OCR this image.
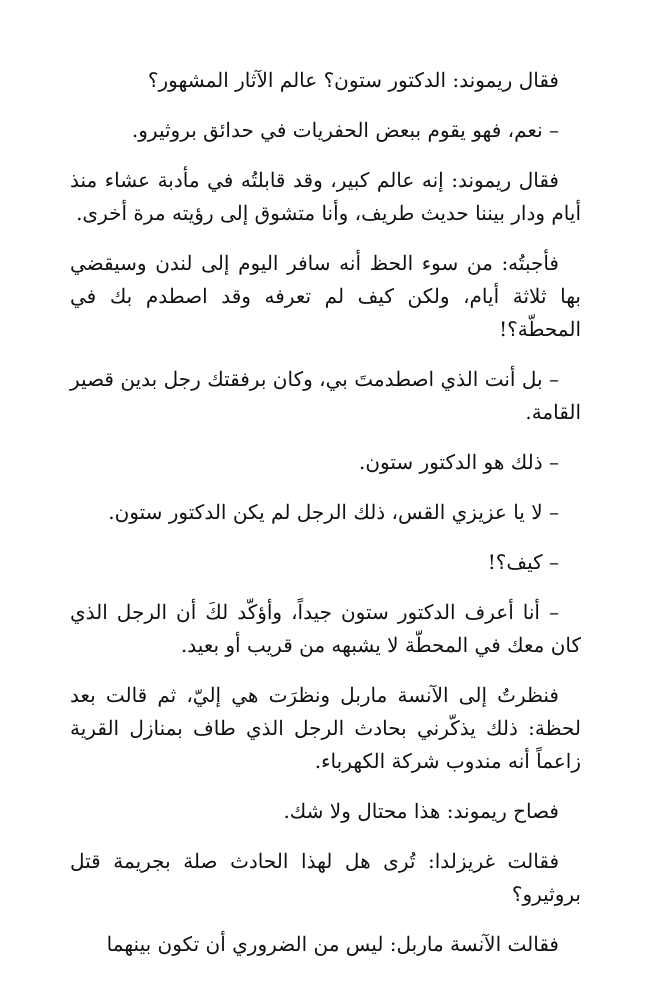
فقال ريموند: الدكتور ستون؟ عالم الآثار المشهور؟

– نعم، فهو يقوم ببعض الحفريات في حدائق بروثيرو.

فقال ريموند: إنه عالم كبير، وقد قابلتُه في مأدبة عشاء منذ أيام ودار بيننا حديث طريف، وأنا متشوق إلى رؤيته مرة أخرى.

فأجبتُه: من سوء الحظ أنه سافر اليوم إلى لندن وسيقضي بها ثلاثة أيام، ولكن كيف لم تعرفه وقد اصطدم بك في المحطّة؟!

– بل أنت الذي اصطدمتَ بي، وكان برفقتك رجل بدين قصير القامة.

– ذلك هو الدكتور ستون.

– لا يا عزيزي القس، ذلك الرجل لم يكن الدكتور ستون.

– كيف؟!

– أنا أعرف الدكتور ستون جيداً، وأؤكّد لكَ أن الرجل الذي كان معك في المحطّة لا يشبهه من قريب أو بعيد.

فنظرتُ إلى الآنسة ماربل ونظرَت هي إليّ، ثم قالت بعد لحظة: ذلك يذكّرني بحادث الرجل الذي طاف بمنازل القرية زاعماً أنه مندوب شركة الكهرباء.

فصاح ريموند: هذا محتال ولا شك.

فقالت غريزلدا: تُرى هل لهذا الحادث صلة بجريمة قتل بروثيرو؟

فقالت الآنسة ماربل: ليس من الضروري أن تكون بينهما
